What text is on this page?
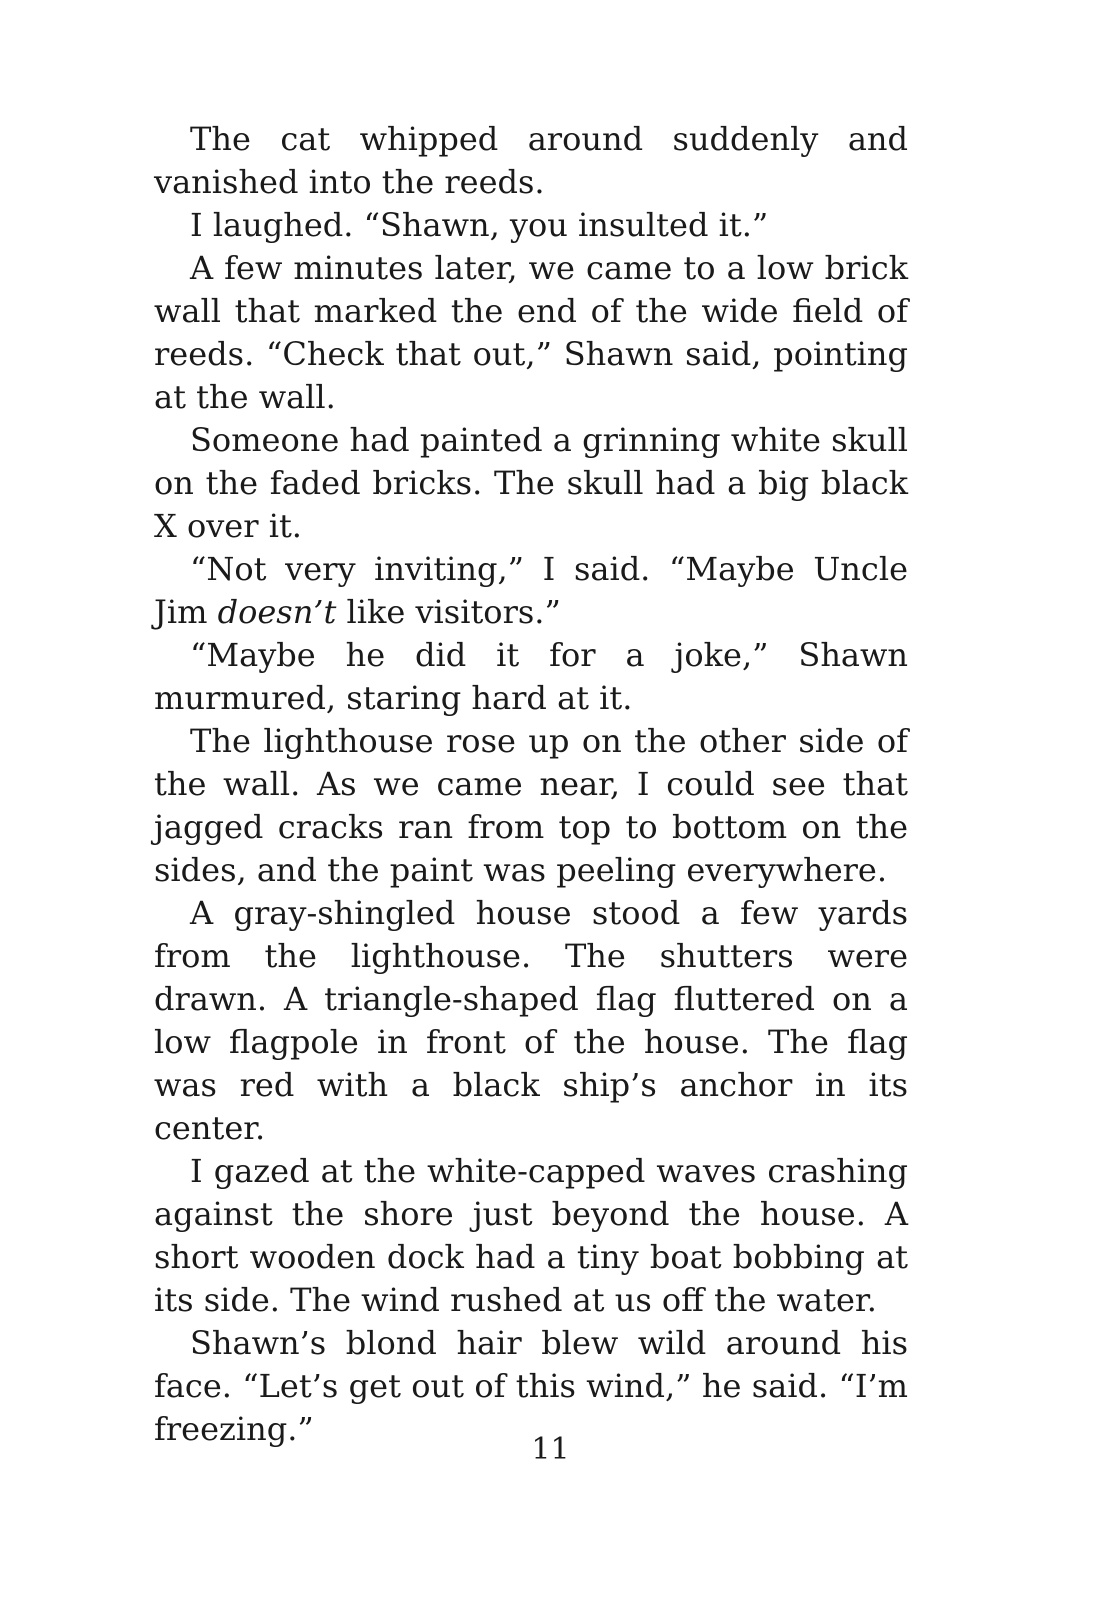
The cat whipped around suddenly and vanished into the reeds.

I laughed. “Shawn, you insulted it.”

A few minutes later, we came to a low brick wall that marked the end of the wide field of reeds. “Check that out,” Shawn said, pointing at the wall.

Someone had painted a grinning white skull on the faded bricks. The skull had a big black X over it.

“Not very inviting,” I said. “Maybe Uncle Jim doesn’t like visitors.”

“Maybe he did it for a joke,” Shawn murmured, staring hard at it.

The lighthouse rose up on the other side of the wall. As we came near, I could see that jagged cracks ran from top to bottom on the sides, and the paint was peeling everywhere.

A gray-shingled house stood a few yards from the lighthouse. The shutters were drawn. A triangle-shaped flag fluttered on a low flagpole in front of the house. The flag was red with a black ship’s anchor in its center.

I gazed at the white-capped waves crashing against the shore just beyond the house. A short wooden dock had a tiny boat bobbing at its side. The wind rushed at us off the water.

Shawn’s blond hair blew wild around his face. “Let’s get out of this wind,” he said. “I’m freezing.”

11
